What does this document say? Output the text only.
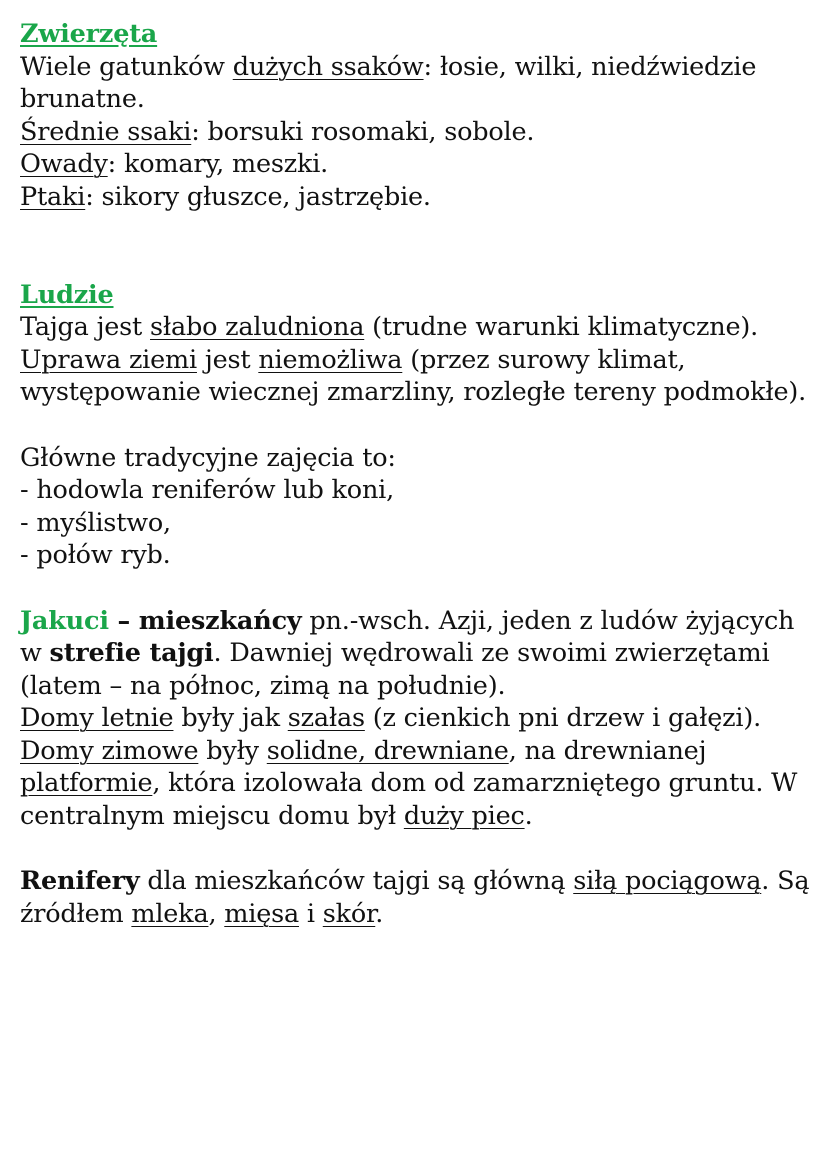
Zwierzęta

Wiele gatunków dużych ssaków: łosie, wilki, niedźwiedzie brunatne.

Średnie ssaki: borsuki rosomaki, sobole.

Owady: komary, meszki.

Ptaki: sikory głuszce, jastrzębie.

Ludzie

Tajga jest słabo zaludniona (trudne warunki klimatyczne).

Uprawa ziemi jest niemożliwa (przez surowy klimat, występowanie wiecznej zmarzliny, rozległe tereny podmokłe).

Główne tradycyjne zajęcia to:

- hodowla reniferów lub koni,

- myślistwo,

- połów ryb.

Jakuci – mieszkańcy pn.-wsch. Azji, jeden z ludów żyjących w strefie tajgi. Dawniej wędrowali ze swoimi zwierzętami (latem – na północ, zimą na południe).

Domy letnie były jak szałas (z cienkich pni drzew i gałęzi).

Domy zimowe były solidne, drewniane, na drewnianej platformie, która izolowała dom od zamarzniętego gruntu. W centralnym miejscu domu był duży piec.

Renifery dla mieszkańców tajgi są główną siłą pociągową. Są źródłem mleka, mięsa i skór.
